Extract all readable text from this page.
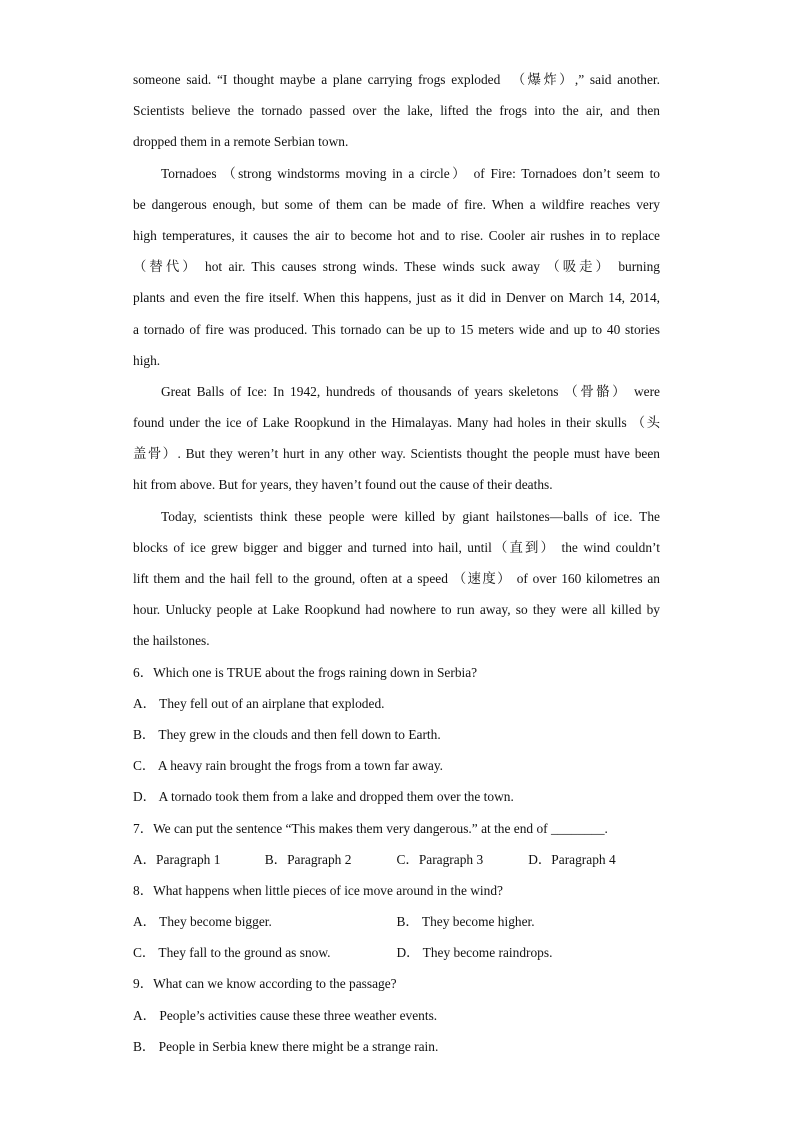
someone said. “I thought maybe a plane carrying frogs exploded　（爆炸）,” said another.
Scientists believe the tornado passed over the lake, lifted the frogs into the air, and then
dropped them in a remote Serbian town.
Tornadoes （strong windstorms moving in a circle） of Fire: Tornadoes don’t seem to
be dangerous enough, but some of them can be made of fire. When a wildfire reaches very
high temperatures, it causes the air to become hot and to rise. Cooler air rushes in to replace
（替代） hot air. This causes strong winds. These winds suck away （吸走） burning
plants and even the fire itself. When this happens, just as it did in Denver on March 14, 2014,
a tornado of fire was produced. This tornado can be up to 15 meters wide and up to 40 stories
high.
Great Balls of Ice: In 1942, hundreds of thousands of years skeletons （骨骼） were
found under the ice of Lake Roopkund in the Himalayas. Many had holes in their skulls （头
盖骨）. But they weren’t hurt in any other way. Scientists thought the people must have been
hit from above. But for years, they haven’t found out the cause of their deaths.
Today, scientists think these people were killed by giant hailstones—balls of ice. The
blocks of ice grew bigger and bigger and turned into hail, until（直到） the wind couldn’t
lift them and the hail fell to the ground, often at a speed （速度） of over 160 kilometres an
hour. Unlucky people at Lake Roopkund had nowhere to run away, so they were all killed by
the hailstones.
6．Which one is TRUE about the frogs raining down in Serbia?
A． They fell out of an airplane that exploded.
B． They grew in the clouds and then fell down to Earth.
C． A heavy rain brought the frogs from a town far away.
D． A tornado took them from a lake and dropped them over the town.
7．We can put the sentence “This makes them very dangerous.” at the end of ________.
A．Paragraph 1	B．Paragraph 2	C．Paragraph 3	D．Paragraph 4
8．What happens when little pieces of ice move around in the wind?
A． They become bigger.	B． They become higher.
C． They fall to the ground as snow.	D． They become raindrops.
9．What can we know according to the passage?
A． People’s activities cause these three weather events.
B． People in Serbia knew there might be a strange rain.
